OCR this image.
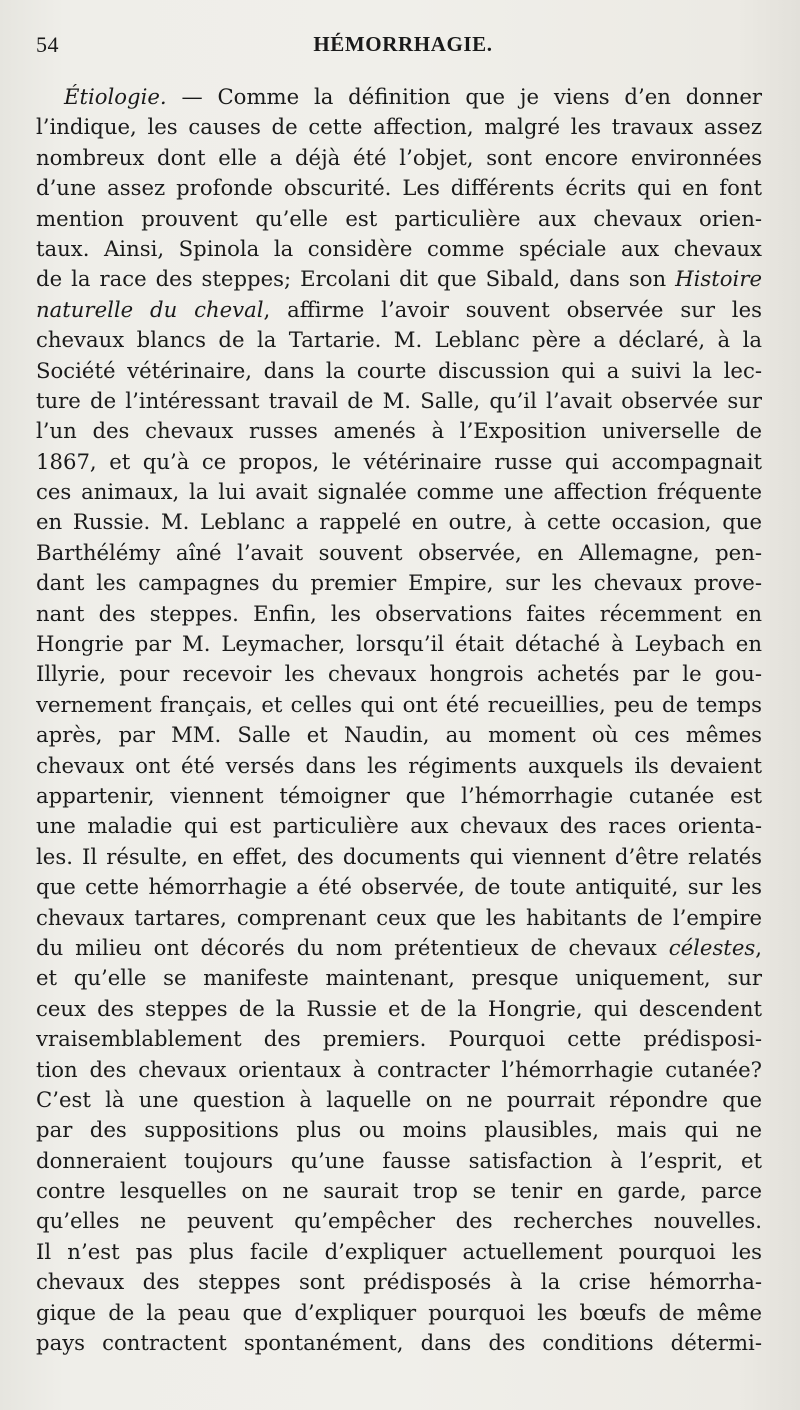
54	HÉMORRHAGIE.
Étiologie. — Comme la définition que je viens d’en donner
l’indique, les causes de cette affection, malgré les travaux assez
nombreux dont elle a déjà été l’objet, sont encore environnées
d’une assez profonde obscurité. Les différents écrits qui en font
mention prouvent qu’elle est particulière aux chevaux orien-
taux. Ainsi, Spinola la considère comme spéciale aux chevaux
de la race des steppes; Ercolani dit que Sibald, dans son Histoire
naturelle du cheval, affirme l’avoir souvent observée sur les
chevaux blancs de la Tartarie. M. Leblanc père a déclaré, à la
Société vétérinaire, dans la courte discussion qui a suivi la lec-
ture de l’intéressant travail de M. Salle, qu’il l’avait observée sur
l’un des chevaux russes amenés à l’Exposition universelle de
1867, et qu’à ce propos, le vétérinaire russe qui accompagnait
ces animaux, la lui avait signalée comme une affection fréquente
en Russie. M. Leblanc a rappelé en outre, à cette occasion, que
Barthélémy aîné l’avait souvent observée, en Allemagne, pen-
dant les campagnes du premier Empire, sur les chevaux prove-
nant des steppes. Enfin, les observations faites récemment en
Hongrie par M. Leymacher, lorsqu’il était détaché à Leybach en
Illyrie, pour recevoir les chevaux hongrois achetés par le gou-
vernement français, et celles qui ont été recueillies, peu de temps
après, par MM. Salle et Naudin, au moment où ces mêmes
chevaux ont été versés dans les régiments auxquels ils devaient
appartenir, viennent témoigner que l’hémorrhagie cutanée est
une maladie qui est particulière aux chevaux des races orienta-
les. Il résulte, en effet, des documents qui viennent d’être relatés
que cette hémorrhagie a été observée, de toute antiquité, sur les
chevaux tartares, comprenant ceux que les habitants de l’empire
du milieu ont décorés du nom prétentieux de chevaux célestes,
et qu’elle se manifeste maintenant, presque uniquement, sur
ceux des steppes de la Russie et de la Hongrie, qui descendent
vraisemblablement des premiers. Pourquoi cette prédisposi-
tion des chevaux orientaux à contracter l’hémorrhagie cutanée?
C’est là une question à laquelle on ne pourrait répondre que
par des suppositions plus ou moins plausibles, mais qui ne
donneraient toujours qu’une fausse satisfaction à l’esprit, et
contre lesquelles on ne saurait trop se tenir en garde, parce
qu’elles ne peuvent qu’empêcher des recherches nouvelles.
Il n’est pas plus facile d’expliquer actuellement pourquoi les
chevaux des steppes sont prédisposés à la crise hémorrha-
gique de la peau que d’expliquer pourquoi les bœufs de même
pays contractent spontanément, dans des conditions détermi-
